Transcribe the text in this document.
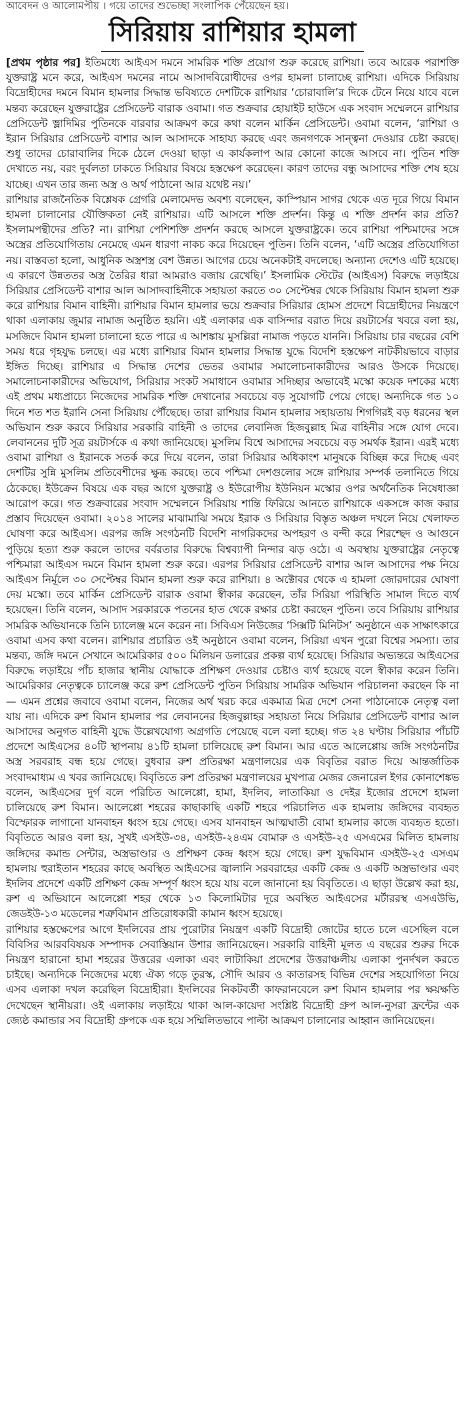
আবেদন ও আলোমপীয় । গয়ে তাদের শুভেচ্ছা সংলাপিক পেঁয়েছেন হয়।
সিরিয়ায় রাশিয়ার হামলা

[প্রথম পৃষ্ঠার পর] ইতিমধ্যে আইএস দমনে সামরিক শক্তি প্রয়োগ শুরু করেছে রাশিয়া। তবে আরেক পরাশক্তি যুক্তরাষ্ট্র মনে করে, আইএস দমনের নামে আসাদবিরোধীদের ওপর হামলা চালাচ্ছে রাশিয়া। এদিকে সিরিয়ায় বিদ্রোহীদের দমনে বিমান হামলার সিদ্ধান্ত ভবিষ্যতে দেশটিকে রাশিয়ার ‘চোরাবালি’র দিকে টেনে নিয়ে যাবে বলে মন্তব্য করেছেন যুক্তরাষ্ট্রের প্রেসিডেন্ট বারাক ওবামা। গত শুক্রবার হোয়াইট হাউসে এক সংবাদ সম্মেলনে রাশিয়ার প্রেসিডেন্ট ভ্লাদিমির পুতিনকে বারবার আক্রমণ করে কথা বলেন মার্কিন প্রেসিডেন্ট। ওবামা বলেন, ‘রাশিয়া ও ইরান সিরিয়ার প্রেসিডেন্ট বাশার আল আসাদকে সাহায্য করছে এবং জনগণকে সান্ত্বনা দেওয়ার চেষ্টা করছে। শুধু তাদের চোরাবালির দিকে ঠেলে দেওয়া ছাড়া এ কার্যকলাপ আর কোনো কাজে আসবে না। পুতিন শক্তি দেখাতে নয়, বরং দুর্বলতা ঢাকতে সিরিয়ার বিষয়ে হস্তক্ষেপ করেছেন। কারণ তাদের বন্ধু আসাদের শক্তি শেষ হয়ে যাচ্ছে। এখন তার জন্য অস্ত্র ও অর্থ পাঠানো আর যথেষ্ট নয়।’

রাশিয়ার রাজনৈতিক বিশ্লেষক গ্রেগরি মেলামেদভ অবশ্য বলেছেন, কাস্পিয়ান সাগর থেকে এত দূরে গিয়ে বিমান হামলা চালানোর যৌক্তিকতা নেই রাশিয়ার। এটি আসলে শক্তি প্রদর্শন। কিন্তু এ শক্তি প্রদর্শন কার প্রতি? ইসলামপন্থীদের প্রতি? না। রাশিয়া পেশিশক্তি প্রদর্শন করছে আসলে যুক্তরাষ্ট্রকে। তবে রাশিয়া পশ্চিমাদের সঙ্গে অস্ত্রের প্রতিযোগিতায় নেমেছে এমন ধারণা নাকচ করে দিয়েছেন পুতিন। তিনি বলেন, ‘এটি অস্ত্রের প্রতিযোগিতা নয়। বাস্তবতা হলো, আধুনিক অস্ত্রশস্ত্র বেশ উন্নত। আগের চেয়ে অনেকটাই বদলেছে। অন্যান্য দেশেও এটি হয়েছে। এ কারণে উন্নততর অস্ত্র তৈরির ধারা আমরাও বজায় রেখেছি।’ ইসলামিক স্টেটের (আইএস) বিরুদ্ধে লড়াইয়ে সিরিয়ার প্রেসিডেন্ট বাশার আল আসাদবাহিনীকে সহায়তা করতে ৩০ সেপ্টেম্বর থেকে সিরিয়ায় বিমান হামলা শুরু করে রাশিয়ার বিমান বাহিনী। রাশিয়ার বিমান হামলার ভয়ে শুক্রবার সিরিয়ার হোমস প্রদেশে বিদ্রোহীদের নিয়ন্ত্রণে থাকা এলাকায় জুমার নামাজ অনুষ্ঠিত হয়নি। এই এলাকার এক বাসিন্দার বরাত দিয়ে রয়টার্সের খবরে বলা হয়, মসজিদে বিমান হামলা চালানো হতে পারে এ আশঙ্কায় মুসল্লিরা নামাজ পড়তে যাননি। সিরিয়ায় চার বছরের বেশি সময় ধরে গৃহযুদ্ধ চলছে। এর মধ্যে রাশিয়ার বিমান হামলার সিদ্ধান্ত যুদ্ধে বিদেশি হস্তক্ষেপ নাটকীয়ভাবে বাড়ার ইঙ্গিত দিচ্ছে। রাশিয়ার এ সিদ্ধান্ত দেশের ভেতর ওবামার সমালোচনাকারীদের আরও উসকে দিয়েছে। সমালোচনাকারীদের অভিযোগ, সিরিয়ার সংকট সমাধানে ওবামার সদিচ্ছার অভাবেই মস্কো কয়েক দশকের মধ্যে এই প্রথম মধ্যপ্রাচ্যে নিজেদের সামরিক শক্তি দেখানোর সবচেয়ে বড় সুযোগটি পেয়ে গেছে। অন্যদিকে গত ১০ দিনে শত শত ইরানি সেনা সিরিয়ায় পৌঁছেছে। তারা রাশিয়ার বিমান হামলার সহায়তায় শিগগিরই বড় ধরনের স্থল অভিযান শুরু করবে সিরিয়ার সরকারি বাহিনী ও তাদের লেবানিজ হিজবুল্লাহ মিত্র বাহিনীর সঙ্গে যোগ দেবে। লেবাননের দুটি সূত্র রয়টার্সকে এ কথা জানিয়েছে। মুসলিম বিশ্বে আসাদের সবচেয়ে বড় সমর্থক ইরান। এরই মধ্যে ওবামা রাশিয়া ও ইরানকে সতর্ক করে দিয়ে বলেন, তারা সিরিয়ার অধিকাংশ মানুষকে বিচ্ছিন্ন করে দিচ্ছে এবং দেশটির সুন্নি মুসলিম প্রতিবেশীদের ক্ষুব্ধ করছে। তবে পশ্চিমা দেশগুলোর সঙ্গে রাশিয়ার সম্পর্ক তলানিতে গিয়ে ঠেকেছে। ইউক্রেন বিষয়ে এক বছর আগে যুক্তরাষ্ট্র ও ইউরোপীয় ইউনিয়ন মস্কোর ওপর অর্থনৈতিক নিষেধাজ্ঞা আরোপ করে। গত শুক্রবারের সংবাদ সম্মেলনে সিরিয়ায় শান্তি ফিরিয়ে আনতে রাশিয়াকে একসঙ্গে কাজ করার প্রস্তাব দিয়েছেন ওবামা। ২০১৪ সালের মাঝামাঝি সময়ে ইরাক ও সিরিয়ার বিস্তৃত অঞ্চল দখলে নিয়ে খেলাফত ঘোষণা করে আইএস। এরপর জঙ্গি সংগঠনটি বিদেশি নাগরিকদের অপহরণ ও বন্দী করে শিরশ্ছেদ ও আগুনে পুড়িয়ে হত্যা শুরু করলে তাদের বর্বরতার বিরুদ্ধে বিশ্বব্যাপী নিন্দার ঝড় ওঠে। এ অবস্থায় যুক্তরাষ্ট্রের নেতৃত্বে পশ্চিমারা আইএস দমনে বিমান হামলা শুরু করে। এরপর সিরিয়ার প্রেসিডেন্ট বাশার আল আসাদের পক্ষ নিয়ে আইএস নির্মূলে ৩০ সেপ্টেম্বর বিমান হামলা শুরু করে রাশিয়া। ৪ অক্টোবর থেকে এ হামলা জোরদারের ঘোষণা দেয় মস্কো। তবে মার্কিন প্রেসিডেন্ট বারাক ওবামা স্বীকার করেছেন, তাঁর সিরিয়া পরিস্থিতি সামাল দিতে ব্যর্থ হয়েছেন। তিনি বলেন, আসাদ সরকারকে পতনের হাত থেকে রক্ষার চেষ্টা করছেন পুতিন। তবে সিরিয়ায় রাশিয়ার সামরিক অভিযানকে তিনি চ্যালেঞ্জ মনে করেন না। সিবিএস নিউজের ‘সিক্সটি মিনিটস’ অনুষ্ঠানে এক সাক্ষাৎকারে ওবামা এসব কথা বলেন। রাশিয়ার প্রচারিত ওই অনুষ্ঠানে ওবামা বলেন, সিরিয়া এখন পুরো বিশ্বের সমস্যা। তার মন্তব্য, জঙ্গি দমনে সেখানে আমেরিকার ৫০০ মিলিয়ন ডলারের প্রকল্প ব্যর্থ হয়েছে। সিরিয়ার অভ্যন্তরে আইএসের বিরুদ্ধে লড়াইয়ে পাঁচ হাজার স্থানীয় যোদ্ধাকে প্রশিক্ষণ দেওয়ার চেষ্টাও ব্যর্থ হয়েছে বলে স্বীকার করেন তিনি। আমেরিকার নেতৃত্বকে চ্যালেঞ্জ করে রুশ প্রেসিডেন্ট পুতিন সিরিয়ায় সামরিক অভিযান পরিচালনা করছেন কি না— এমন প্রশ্নের জবাবে ওবামা বলেন, নিজের অর্থ খরচ করে একমাত্র মিত্র দেশে সেনা পাঠানোকে নেতৃত্ব বলা যায় না। এদিকে রুশ বিমান হামলার পর লেবাননের হিজবুল্লাহর সহায়তা নিয়ে সিরিয়ার প্রেসিডেন্ট বাশার আল আসাদের অনুগত বাহিনী যুদ্ধে উল্লেখযোগ্য অগ্রগতি পেয়েছে বলে বলা হচ্ছে। গত ২৪ ঘণ্টায় সিরিয়ার পাঁচটি প্রদেশে আইএসের ৪০টি স্থাপনায় ৪১টি হামলা চালিয়েছে রুশ বিমান। আর এতে আলেপ্পোয় জঙ্গি সংগঠনটির অস্ত্র সরবরাহ বন্ধ হয়ে গেছে। বুধবার রুশ প্রতিরক্ষা মন্ত্রণালয়ের এক বিবৃতির বরাত দিয়ে আন্তর্জাতিক সংবাদমাধ্যম এ খবর জানিয়েছে। বিবৃতিতে রুশ প্রতিরক্ষা মন্ত্রণালয়ের মুখপাত্র মেজর জেনারেল ইগর কোনাশেঙ্কভ বলেন, আইএসের দুর্গ বলে পরিচিত আলেপ্পো, হামা, ইদলিব, লাতাকিয়া ও দেইর ইজোর প্রদেশে হামলা চালিয়েছে রুশ বিমান। আলেপ্পো শহরের কাছাকাছি একটি শহরে পরিচালিত এক হামলায় জঙ্গিদের ব্যবহৃত বিস্ফোরক লাগানো যানবাহন ধ্বংস হয়ে গেছে। এসব যানবাহন আত্মঘাতী বোমা হামলার কাজে ব্যবহৃত হতো। বিবৃতিতে আরও বলা হয়, সুখই এসইউ-৩৪, এসইউ-২৪এম বোমারু ও এসইউ-২৫ এসএমের মিলিত হামলায় জঙ্গিদের কমান্ড সেন্টার, অস্ত্রভাণ্ডার ও প্রশিক্ষণ কেন্দ্র ধ্বংস হয়ে গেছে। রুশ যুদ্ধবিমান এসইউ-২৫ এসএম হামলায় হুরাইতান শহরের কাছে অবস্থিত আইএসের জ্বালানি সরবরাহের একটি কেন্দ্র ও একটি অস্ত্রভাণ্ডার এবং ইদলিব প্রদেশে একটি প্রশিক্ষণ কেন্দ্র সম্পূর্ণ ধ্বংস হয়ে যায় বলে জানানো হয় বিবৃতিতে। এ ছাড়া উল্লেখ করা হয়, রুশ এ অভিযানে আলেপ্পো শহর থেকে ১৩ কিলোমিটার দূরে অবস্থিত আইএসের মর্টাররস্থ এসএউভি, জেডইউ-১৩ মডেলের শত্রুবিমান প্রতিরোধকারী কামান ধ্বংস হয়েছে।

রাশিয়ার হস্তক্ষেপের আগে ইদলিবের প্রায় পুরোটার নিয়ন্ত্রণ একটি বিদ্রোহী জোটের হাতে চলে এসেছিল বলে বিবিসির আরববিষয়ক সম্পাদক সেবাস্তিয়ান উশার জানিয়েছেন। সরকারি বাহিনী মূলত এ বছরের শুরুর দিকে নিয়ন্ত্রণ হারানো হামা শহরের উত্তরের এলাকা এবং লাটাকিয়া প্রদেশের উত্তরাঞ্চলীয় এলাকা পুনর্দখল করতে চাইছে। অন্যদিকে নিজেদের মধ্যে ঐক্য গড়ে তুরস্ক, সৌদি আরব ও কাতারসহ বিভিন্ন দেশের সহযোগিতা নিয়ে এসব এলাকা দখল করেছিল বিদ্রোহীরা। ইদলিবের নিকটবর্তী কাফরানবেলে রুশ বিমান হামলার পর ক্ষয়ক্ষতি দেখেছেন স্থানীয়রা। ওই এলাকায় লড়াইয়ে থাকা আল-কায়েদা সংশ্লিষ্ট বিদ্রোহী গ্রুপ আল-নুসরা ফ্রন্টের এক জ্যেষ্ঠ কমান্ডার সব বিদ্রোহী গ্রুপকে এক হয়ে সম্মিলিতভাবে পাল্টা আক্রমণ চালানোর আহ্বান জানিয়েছেন।
